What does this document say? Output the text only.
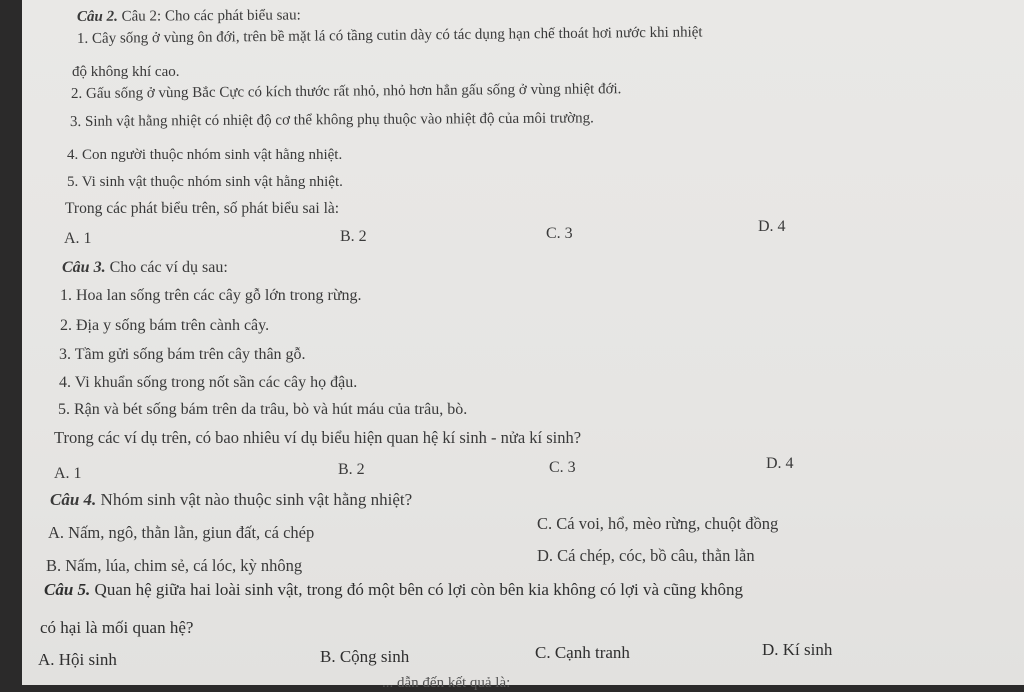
Câu 2. Câu 2: Cho các phát biểu sau:
1. Cây sống ở vùng ôn đới, trên bề mặt lá có tầng cutin dày có tác dụng hạn chế thoát hơi nước khi nhiệt
độ không khí cao.
2. Gấu sống ở vùng Bắc Cực có kích thước rất nhỏ, nhỏ hơn hẳn gấu sống ở vùng nhiệt đới.
3. Sinh vật hằng nhiệt có nhiệt độ cơ thể không phụ thuộc vào nhiệt độ của môi trường.
4. Con người thuộc nhóm sinh vật hằng nhiệt.
5. Vi sinh vật thuộc nhóm sinh vật hằng nhiệt.
Trong các phát biểu trên, số phát biểu sai là:
A. 1	B. 2	C. 3	D. 4
Câu 3. Cho các ví dụ sau:
1. Hoa lan sống trên các cây gỗ lớn trong rừng.
2. Địa y sống bám trên cành cây.
3. Tầm gửi sống bám trên cây thân gỗ.
4. Vi khuẩn sống trong nốt sần các cây họ đậu.
5. Rận và bét sống bám trên da trâu, bò và hút máu của trâu, bò.
Trong các ví dụ trên, có bao nhiêu ví dụ biểu hiện quan hệ kí sinh - nửa kí sinh?
A. 1	B. 2	C. 3	D. 4
Câu 4. Nhóm sinh vật nào thuộc sinh vật hằng nhiệt?
A. Nấm, ngô, thằn lằn, giun đất, cá chép	C. Cá voi, hổ, mèo rừng, chuột đồng
B. Nấm, lúa, chim sẻ, cá lóc, kỳ nhông
D. Cá chép, cóc, bồ câu, thằn lằn
Câu 5. Quan hệ giữa hai loài sinh vật, trong đó một bên có lợi còn bên kia không có lợi và cũng không
có hại là mối quan hệ?
A. Hội sinh	B. Cộng sinh	C. Cạnh tranh	D. Kí sinh
... dẫn đến kết quả là:
